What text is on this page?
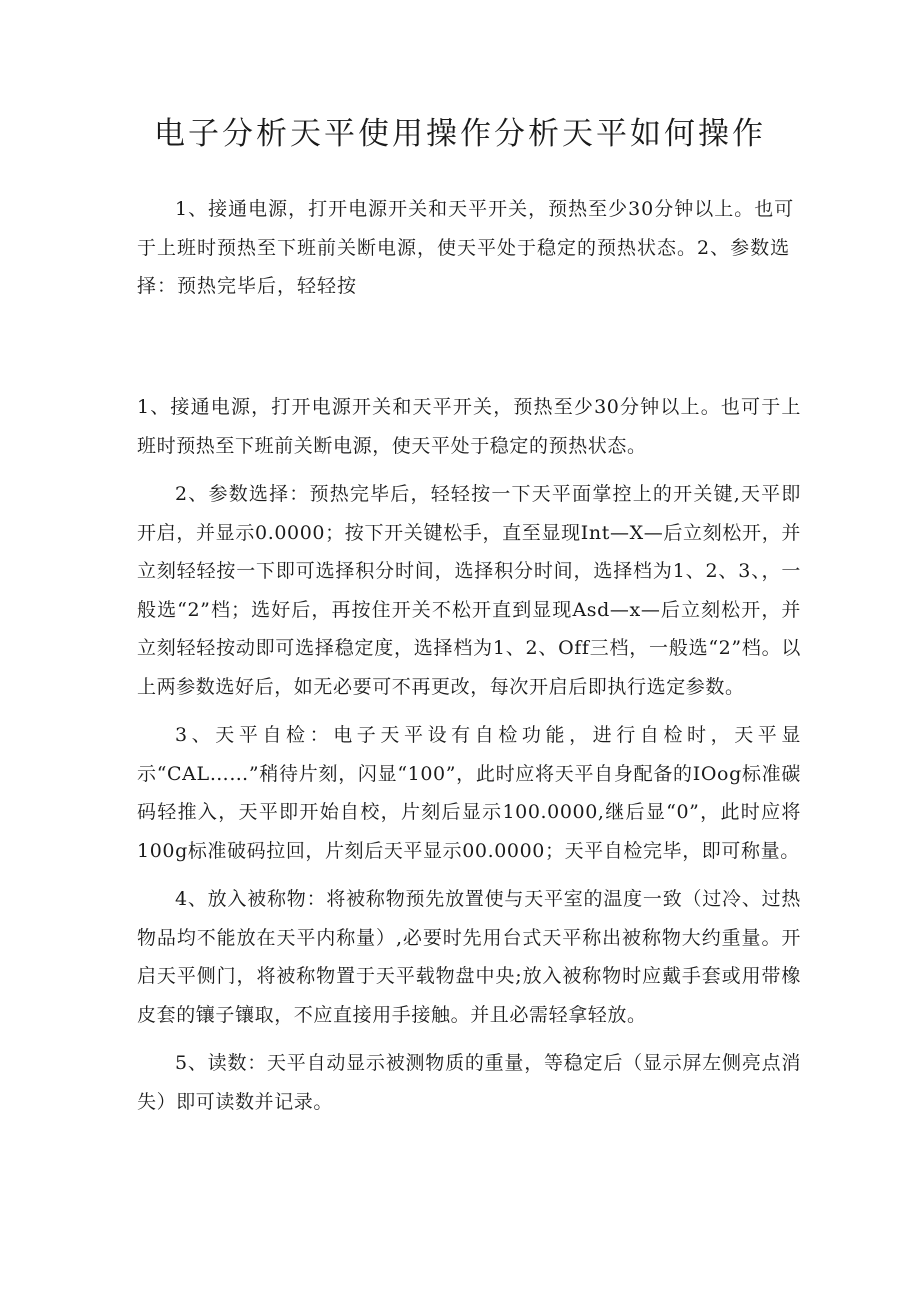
电子分析天平使用操作分析天平如何操作

1、接通电源，打开电源开关和天平开关，预热至少30分钟以上。也可于上班时预热至下班前关断电源，使天平处于稳定的预热状态。2、参数选择：预热完毕后，轻轻按

1、接通电源，打开电源开关和天平开关，预热至少30分钟以上。也可于上班时预热至下班前关断电源，使天平处于稳定的预热状态。

2、参数选择：预热完毕后，轻轻按一下天平面掌控上的开关键,天平即开启，并显示0.0000；按下开关键松手，直至显现Int—X—后立刻松开，并立刻轻轻按一下即可选择积分时间，选择积分时间，选择档为1、2、3、，一般选“2”档；选好后，再按住开关不松开直到显现Asd—x—后立刻松开，并立刻轻轻按动即可选择稳定度，选择档为1、2、Off三档，一般选“2”档。以上两参数选好后，如无必要可不再更改，每次开启后即执行选定参数。

3、天平自检：电子天平设有自检功能，进行自检时，天平显示“CAL……”稍待片刻，闪显“100”，此时应将天平自身配备的IOog标准碳码轻推入，天平即开始自校，片刻后显示100.0000,继后显“0”，此时应将100g标准破码拉回，片刻后天平显示00.0000；天平自检完毕，即可称量。

4、放入被称物：将被称物预先放置使与天平室的温度一致（过冷、过热物品均不能放在天平内称量）,必要时先用台式天平称出被称物大约重量。开启天平侧门，将被称物置于天平载物盘中央;放入被称物时应戴手套或用带橡皮套的镶子镶取，不应直接用手接触。并且必需轻拿轻放。

5、读数：天平自动显示被测物质的重量，等稳定后（显示屏左侧亮点消失）即可读数并记录。
